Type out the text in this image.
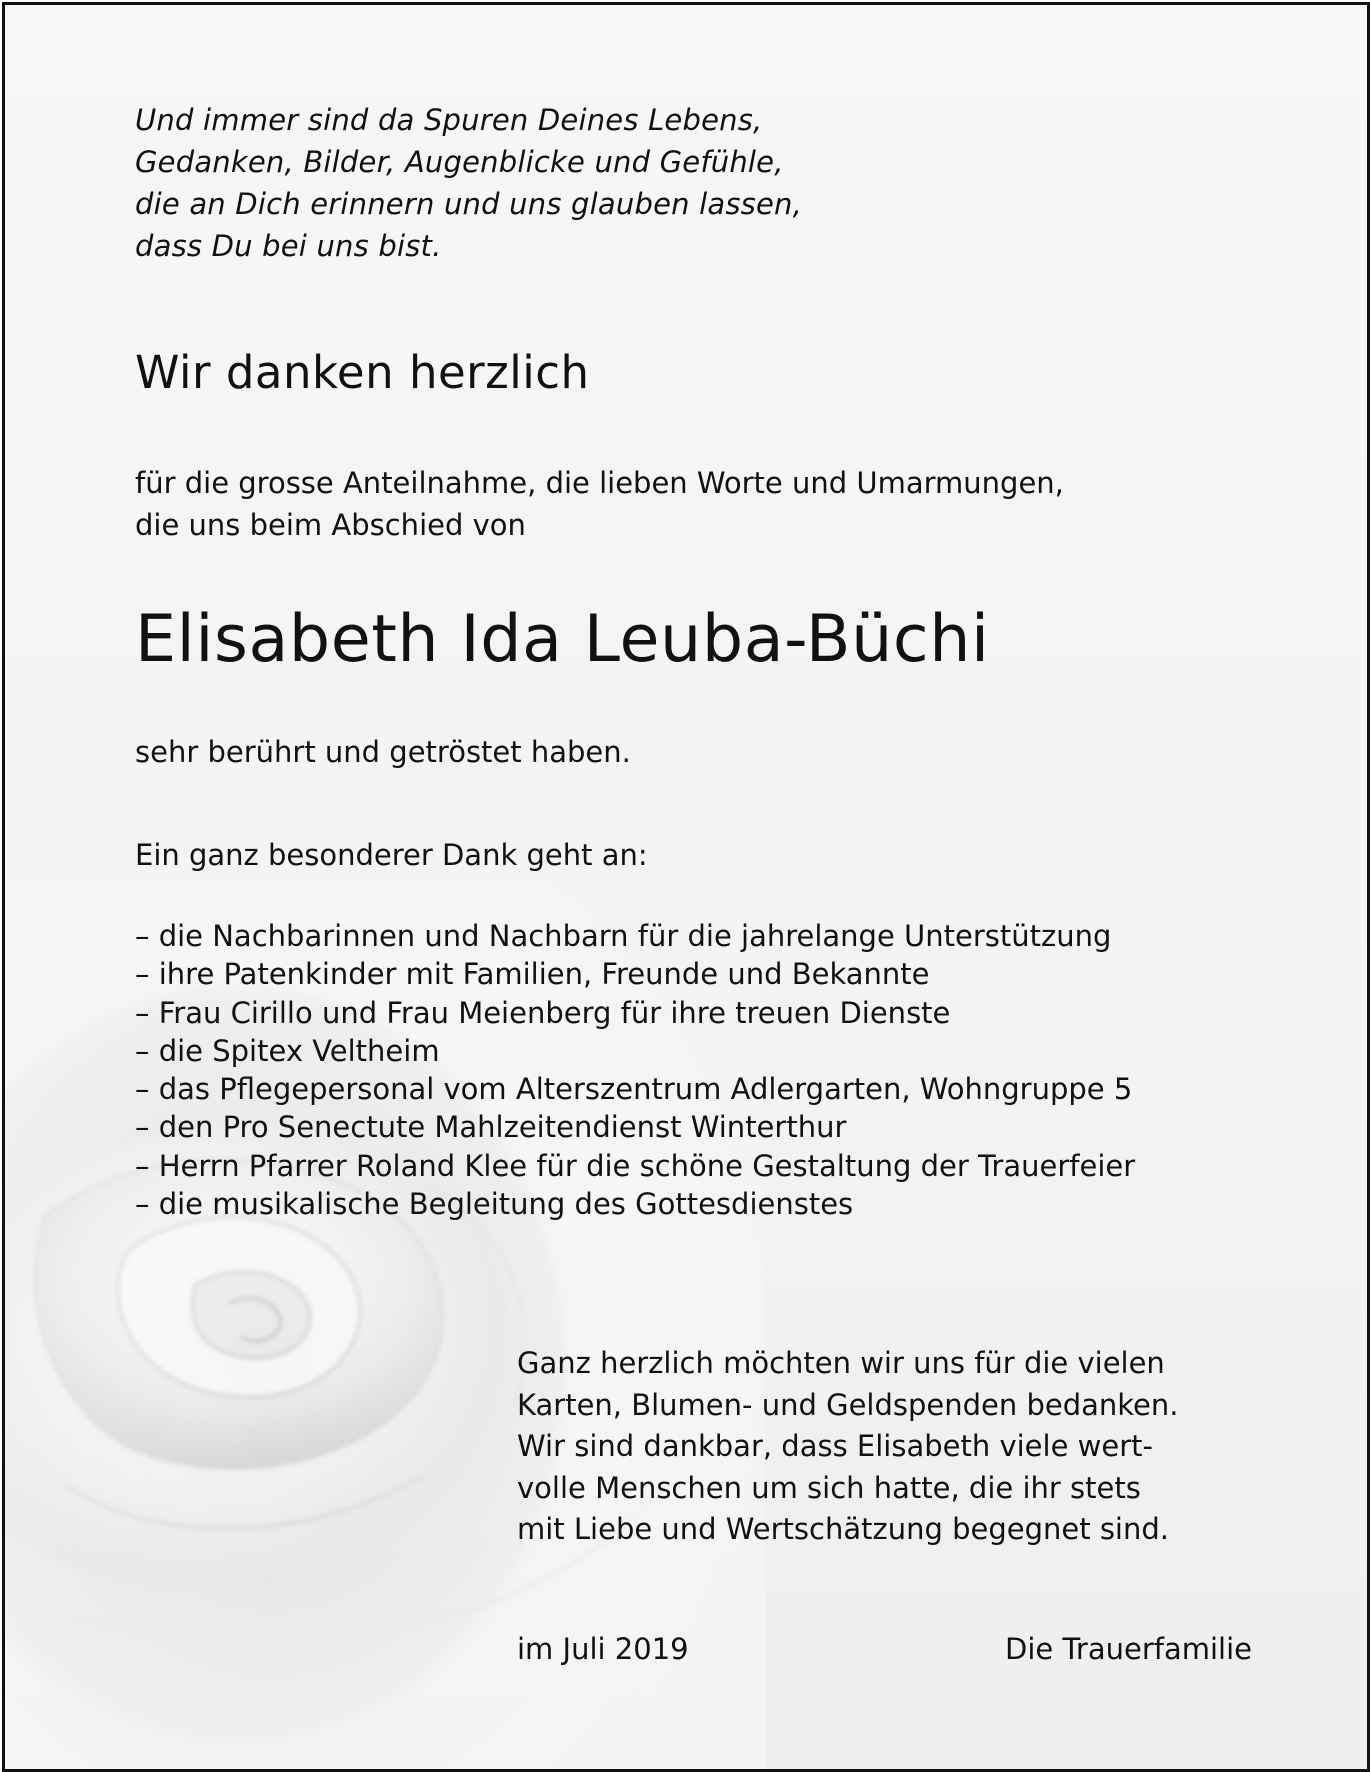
Und immer sind da Spuren Deines Lebens,
Gedanken, Bilder, Augenblicke und Gefühle,
die an Dich erinnern und uns glauben lassen,
dass Du bei uns bist.
Wir danken herzlich
für die grosse Anteilnahme, die lieben Worte und Umarmungen,
die uns beim Abschied von
Elisabeth Ida Leuba-Büchi
sehr berührt und getröstet haben.
Ein ganz besonderer Dank geht an:
– die Nachbarinnen und Nachbarn für die jahrelange Unterstützung
– ihre Patenkinder mit Familien, Freunde und Bekannte
– Frau Cirillo und Frau Meienberg für ihre treuen Dienste
– die Spitex Veltheim
– das Pflegepersonal vom Alterszentrum Adlergarten, Wohngruppe 5
– den Pro Senectute Mahlzeitendienst Winterthur
– Herrn Pfarrer Roland Klee für die schöne Gestaltung der Trauerfeier
– die musikalische Begleitung des Gottesdienstes
Ganz herzlich möchten wir uns für die vielen
Karten, Blumen- und Geldspenden bedanken.
Wir sind dankbar, dass Elisabeth viele wert-
volle Menschen um sich hatte, die ihr stets
mit Liebe und Wertschätzung begegnet sind.
im Juli 2019	Die Trauerfamilie
